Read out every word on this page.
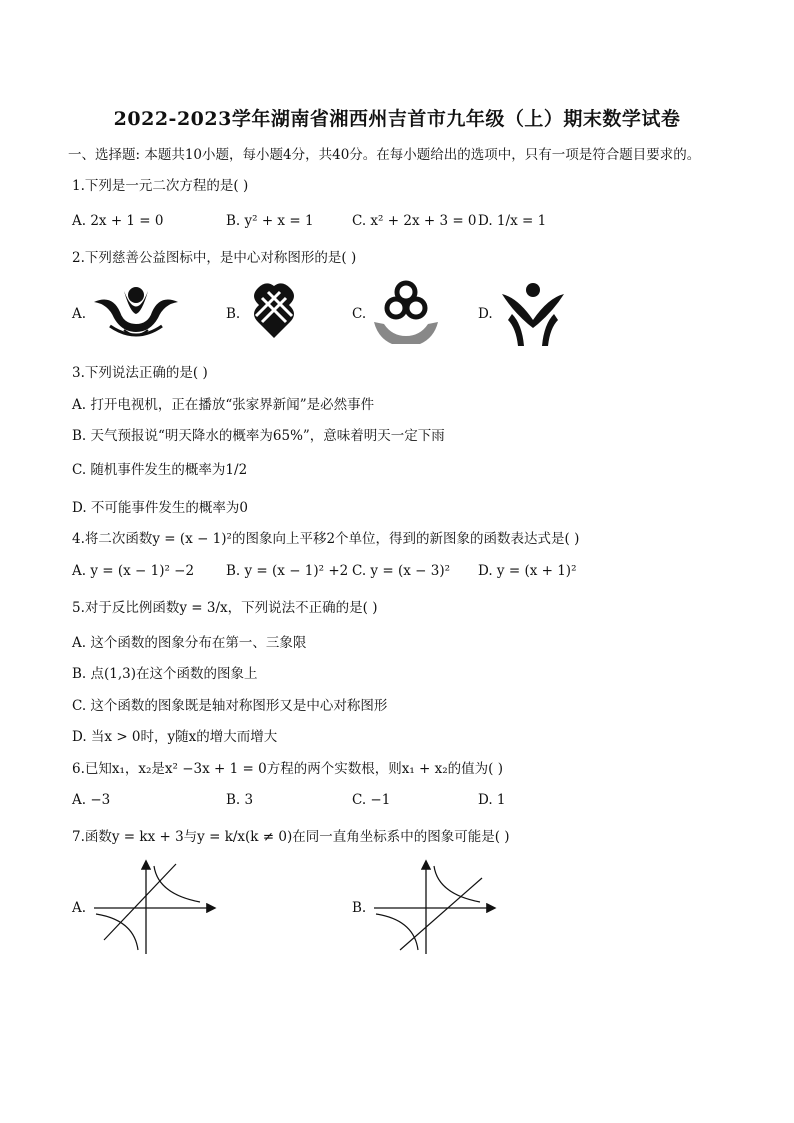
2022-2023学年湖南省湘西州吉首市九年级（上）期末数学试卷
一、选择题: 本题共10小题，每小题4分，共40分。在每小题给出的选项中，只有一项是符合题目要求的。
1.下列是一元二次方程的是( )
A. 2x + 1 = 0	B. y² + x = 1	C. x² + 2x + 3 = 0 D. 1/x = 1
2.下列慈善公益图标中，是中心对称图形的是( )
A.	B.	C.	D.
3.下列说法正确的是( )
A. 打开电视机，正在播放“张家界新闻”是必然事件
B. 天气预报说“明天降水的概率为65%”，意味着明天一定下雨
C. 随机事件发生的概率为1/2
D. 不可能事件发生的概率为0
4.将二次函数y = (x − 1)²的图象向上平移2个单位，得到的新图象的函数表达式是( )
A. y = (x − 1)² −2 B. y = (x − 1)² +2 C. y = (x − 3)² D. y = (x + 1)²
5.对于反比例函数y = 3/x，下列说法不正确的是( )
A. 这个函数的图象分布在第一、三象限
B. 点(1,3)在这个函数的图象上
C. 这个函数的图象既是轴对称图形又是中心对称图形
D. 当x > 0时，y随x的增大而增大
6.已知x₁，x₂是x² −3x + 1 = 0方程的两个实数根，则x₁ + x₂的值为( )
A. −3	B. 3	C. −1	D. 1
7.函数y = kx + 3与y = k/x(k ≠ 0)在同一直角坐标系中的图象可能是( )
A.	B.
